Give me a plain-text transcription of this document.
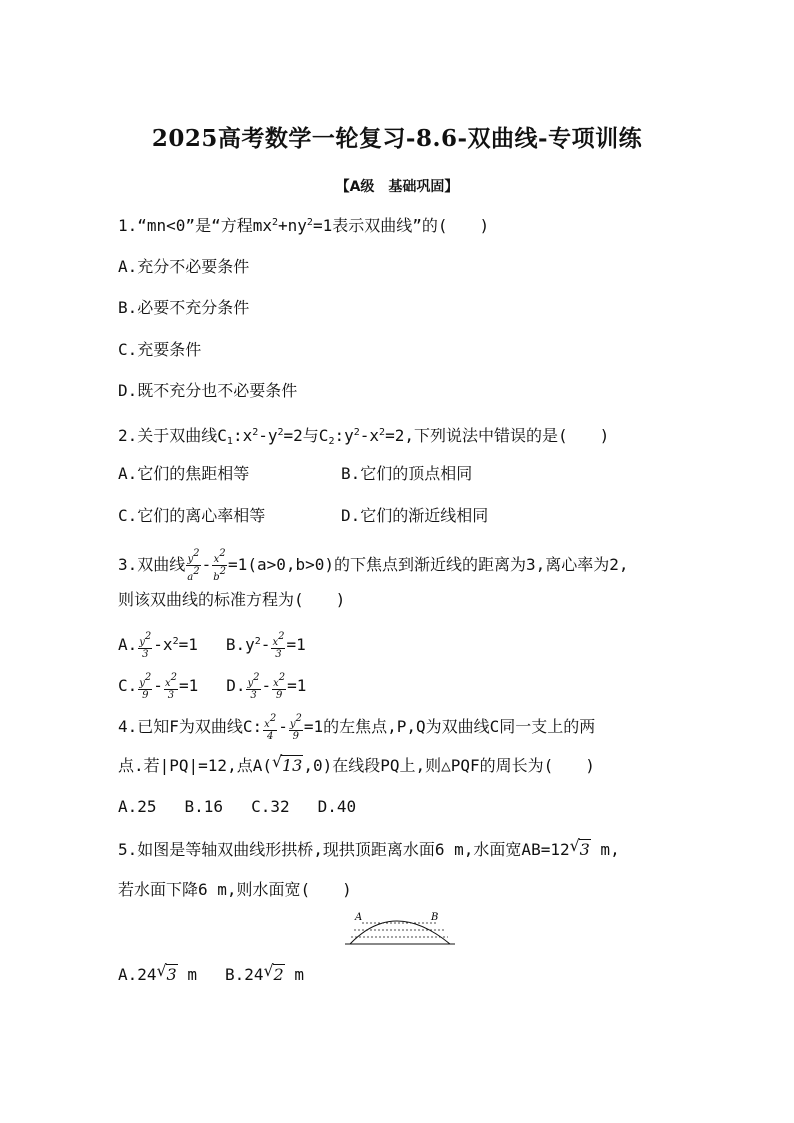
2025高考数学一轮复习-8.6-双曲线-专项训练
【A级　基础巩固】
1.“mn<0”是“方程$mx^2+ny^2=1$表示双曲线”的(　　)
A.充分不必要条件
B.必要不充分条件
C.充要条件
D.既不充分也不必要条件
2.关于双曲线$C_1:x^2-y^2=2$与$C_2:y^2-x^2=2$,下列说法中错误的是(　　)
A.它们的焦距相等	B.它们的顶点相同
C.它们的离心率相等	D.它们的渐近线相同
3.双曲线 $\frac{y^2}{a^2} - \frac{x^2}{b^2} =1(a>0,b>0)$的下焦点到渐近线的距离为3,离心率为2,
则该双曲线的标准方程为(　　)
A. $\frac{y^2}{3} -x^2=1$ $B.y^2- \frac{x^2}{3} =1$
C. $\frac{y^2}{9} - \frac{x^2}{3} =1$ D. $\frac{y^2}{3} - \frac{x^2}{9} =1$
4.已知F为双曲线C: $\frac{x^2}{4} - \frac{y^2}{9} =1$的左焦点,P,Q为双曲线C同一支上的两
点.若|PQ|=12,点A( √ 13,0)在线段PQ上,则△PQF的周长为(　　)
A.25 B.16 C.32 D.40
5.如图是等轴双曲线形拱桥,现拱顶距离水面6 m,水面宽AB=12 √ 3 m,
若水面下降6 m,则水面宽(　　)
A	B
A.24 √ 3 m B.24 √ 2 m
